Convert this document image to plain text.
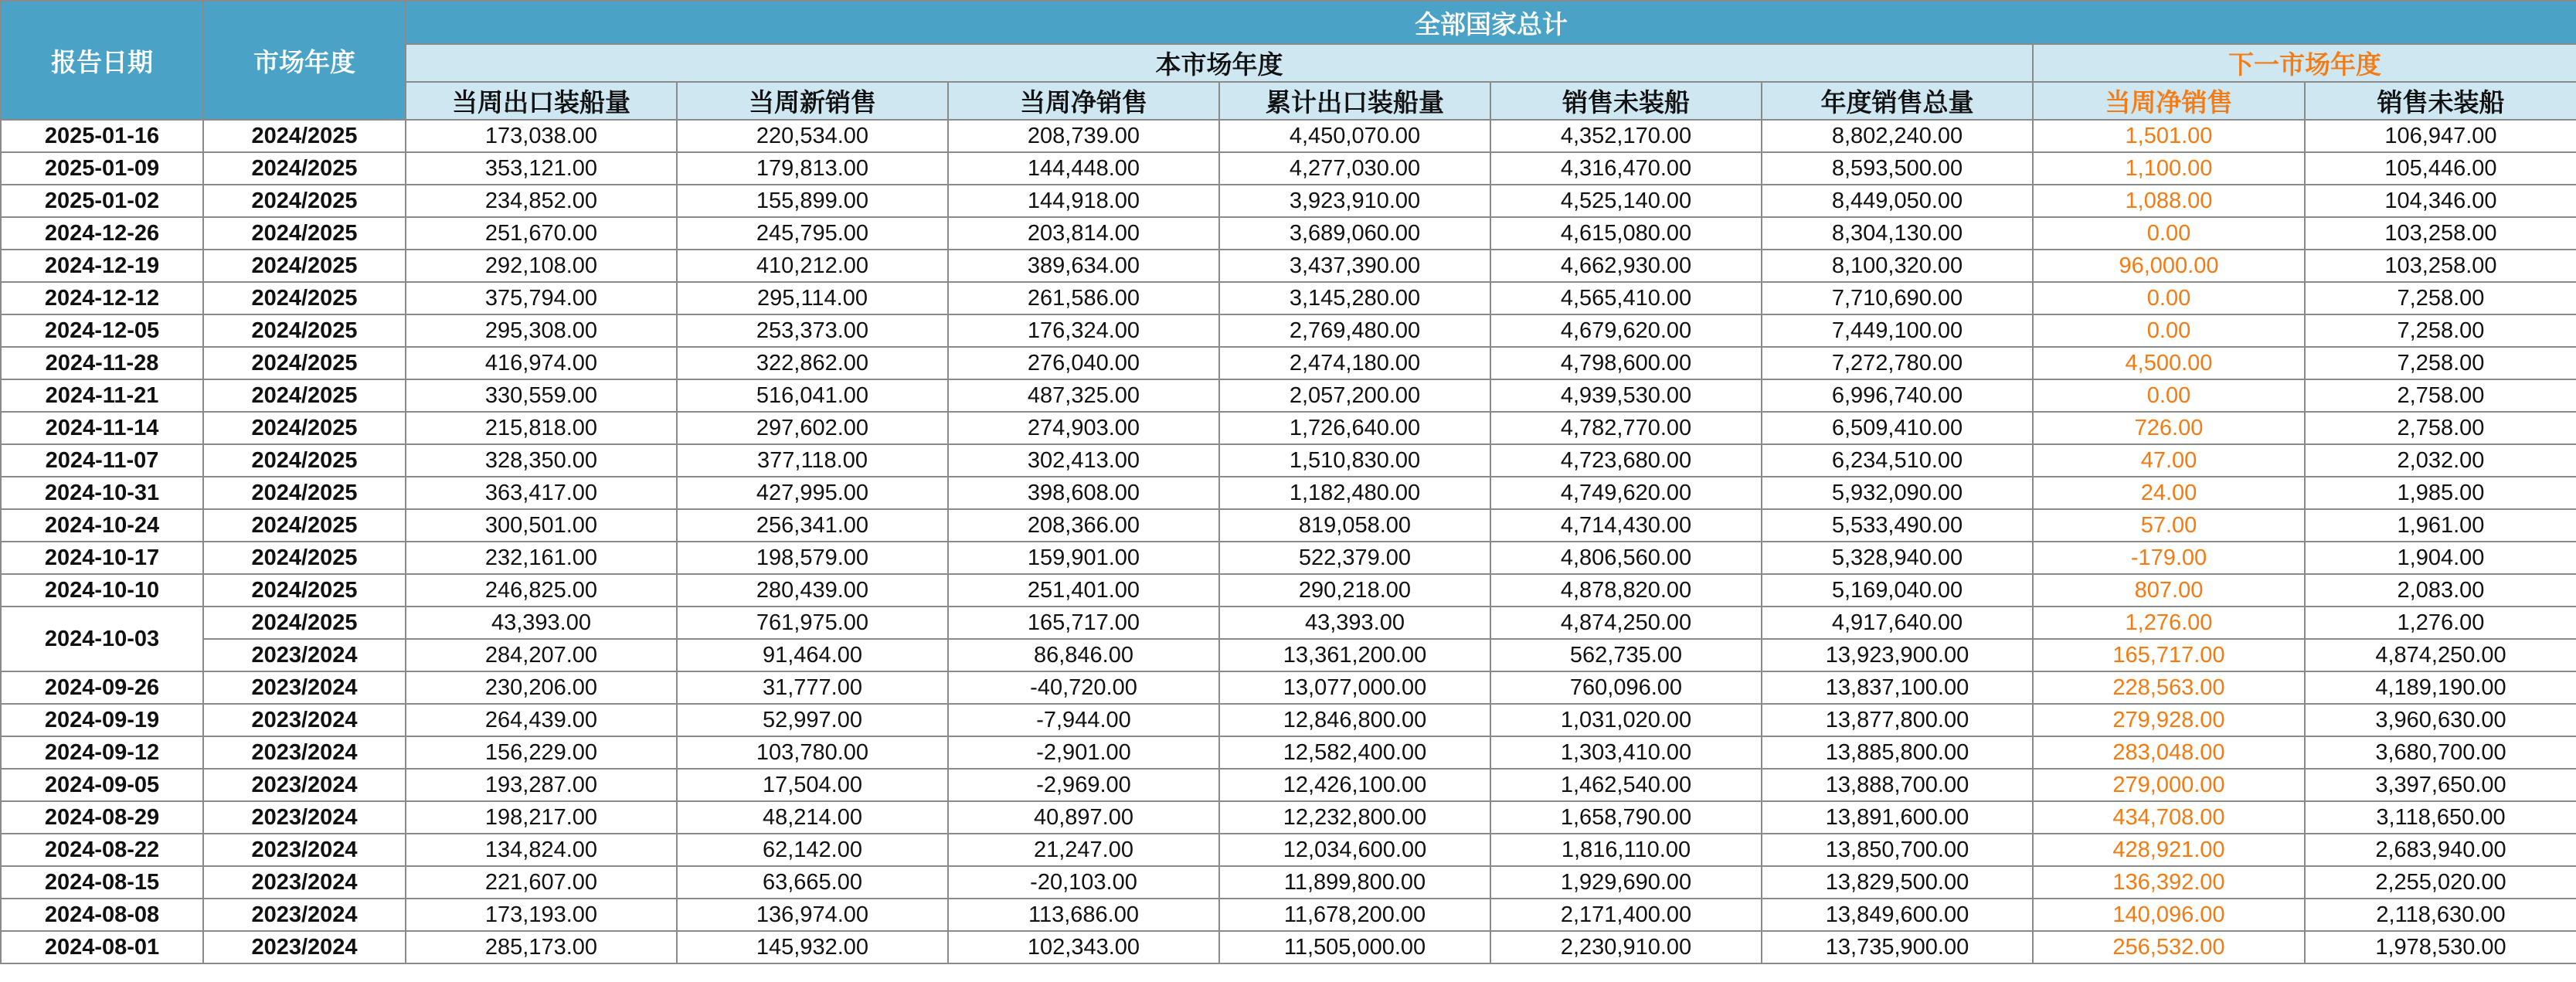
报告日期	市场年度	全部国家总计							
		本市场年度						下一市场年度	
		当周出口装船量	当周新销售	当周净销售	累计出口装船量	销售未装船	年度销售总量	当周净销售	销售未装船
2025-01-16	2024/2025	173,038.00	220,534.00	208,739.00	4,450,070.00	4,352,170.00	8,802,240.00	1,501.00	106,947.00
2025-01-09	2024/2025	353,121.00	179,813.00	144,448.00	4,277,030.00	4,316,470.00	8,593,500.00	1,100.00	105,446.00
2025-01-02	2024/2025	234,852.00	155,899.00	144,918.00	3,923,910.00	4,525,140.00	8,449,050.00	1,088.00	104,346.00
2024-12-26	2024/2025	251,670.00	245,795.00	203,814.00	3,689,060.00	4,615,080.00	8,304,130.00	0.00	103,258.00
2024-12-19	2024/2025	292,108.00	410,212.00	389,634.00	3,437,390.00	4,662,930.00	8,100,320.00	96,000.00	103,258.00
2024-12-12	2024/2025	375,794.00	295,114.00	261,586.00	3,145,280.00	4,565,410.00	7,710,690.00	0.00	7,258.00
2024-12-05	2024/2025	295,308.00	253,373.00	176,324.00	2,769,480.00	4,679,620.00	7,449,100.00	0.00	7,258.00
2024-11-28	2024/2025	416,974.00	322,862.00	276,040.00	2,474,180.00	4,798,600.00	7,272,780.00	4,500.00	7,258.00
2024-11-21	2024/2025	330,559.00	516,041.00	487,325.00	2,057,200.00	4,939,530.00	6,996,740.00	0.00	2,758.00
2024-11-14	2024/2025	215,818.00	297,602.00	274,903.00	1,726,640.00	4,782,770.00	6,509,410.00	726.00	2,758.00
2024-11-07	2024/2025	328,350.00	377,118.00	302,413.00	1,510,830.00	4,723,680.00	6,234,510.00	47.00	2,032.00
2024-10-31	2024/2025	363,417.00	427,995.00	398,608.00	1,182,480.00	4,749,620.00	5,932,090.00	24.00	1,985.00
2024-10-24	2024/2025	300,501.00	256,341.00	208,366.00	819,058.00	4,714,430.00	5,533,490.00	57.00	1,961.00
2024-10-17	2024/2025	232,161.00	198,579.00	159,901.00	522,379.00	4,806,560.00	5,328,940.00	-179.00	1,904.00
2024-10-10	2024/2025	246,825.00	280,439.00	251,401.00	290,218.00	4,878,820.00	5,169,040.00	807.00	2,083.00
2024-10-03	2024/2025	43,393.00	761,975.00	165,717.00	43,393.00	4,874,250.00	4,917,640.00	1,276.00	1,276.00
	2023/2024	284,207.00	91,464.00	86,846.00	13,361,200.00	562,735.00	13,923,900.00	165,717.00	4,874,250.00
2024-09-26	2023/2024	230,206.00	31,777.00	-40,720.00	13,077,000.00	760,096.00	13,837,100.00	228,563.00	4,189,190.00
2024-09-19	2023/2024	264,439.00	52,997.00	-7,944.00	12,846,800.00	1,031,020.00	13,877,800.00	279,928.00	3,960,630.00
2024-09-12	2023/2024	156,229.00	103,780.00	-2,901.00	12,582,400.00	1,303,410.00	13,885,800.00	283,048.00	3,680,700.00
2024-09-05	2023/2024	193,287.00	17,504.00	-2,969.00	12,426,100.00	1,462,540.00	13,888,700.00	279,000.00	3,397,650.00
2024-08-29	2023/2024	198,217.00	48,214.00	40,897.00	12,232,800.00	1,658,790.00	13,891,600.00	434,708.00	3,118,650.00
2024-08-22	2023/2024	134,824.00	62,142.00	21,247.00	12,034,600.00	1,816,110.00	13,850,700.00	428,921.00	2,683,940.00
2024-08-15	2023/2024	221,607.00	63,665.00	-20,103.00	11,899,800.00	1,929,690.00	13,829,500.00	136,392.00	2,255,020.00
2024-08-08	2023/2024	173,193.00	136,974.00	113,686.00	11,678,200.00	2,171,400.00	13,849,600.00	140,096.00	2,118,630.00
2024-08-01	2023/2024	285,173.00	145,932.00	102,343.00	11,505,000.00	2,230,910.00	13,735,900.00	256,532.00	1,978,530.00
